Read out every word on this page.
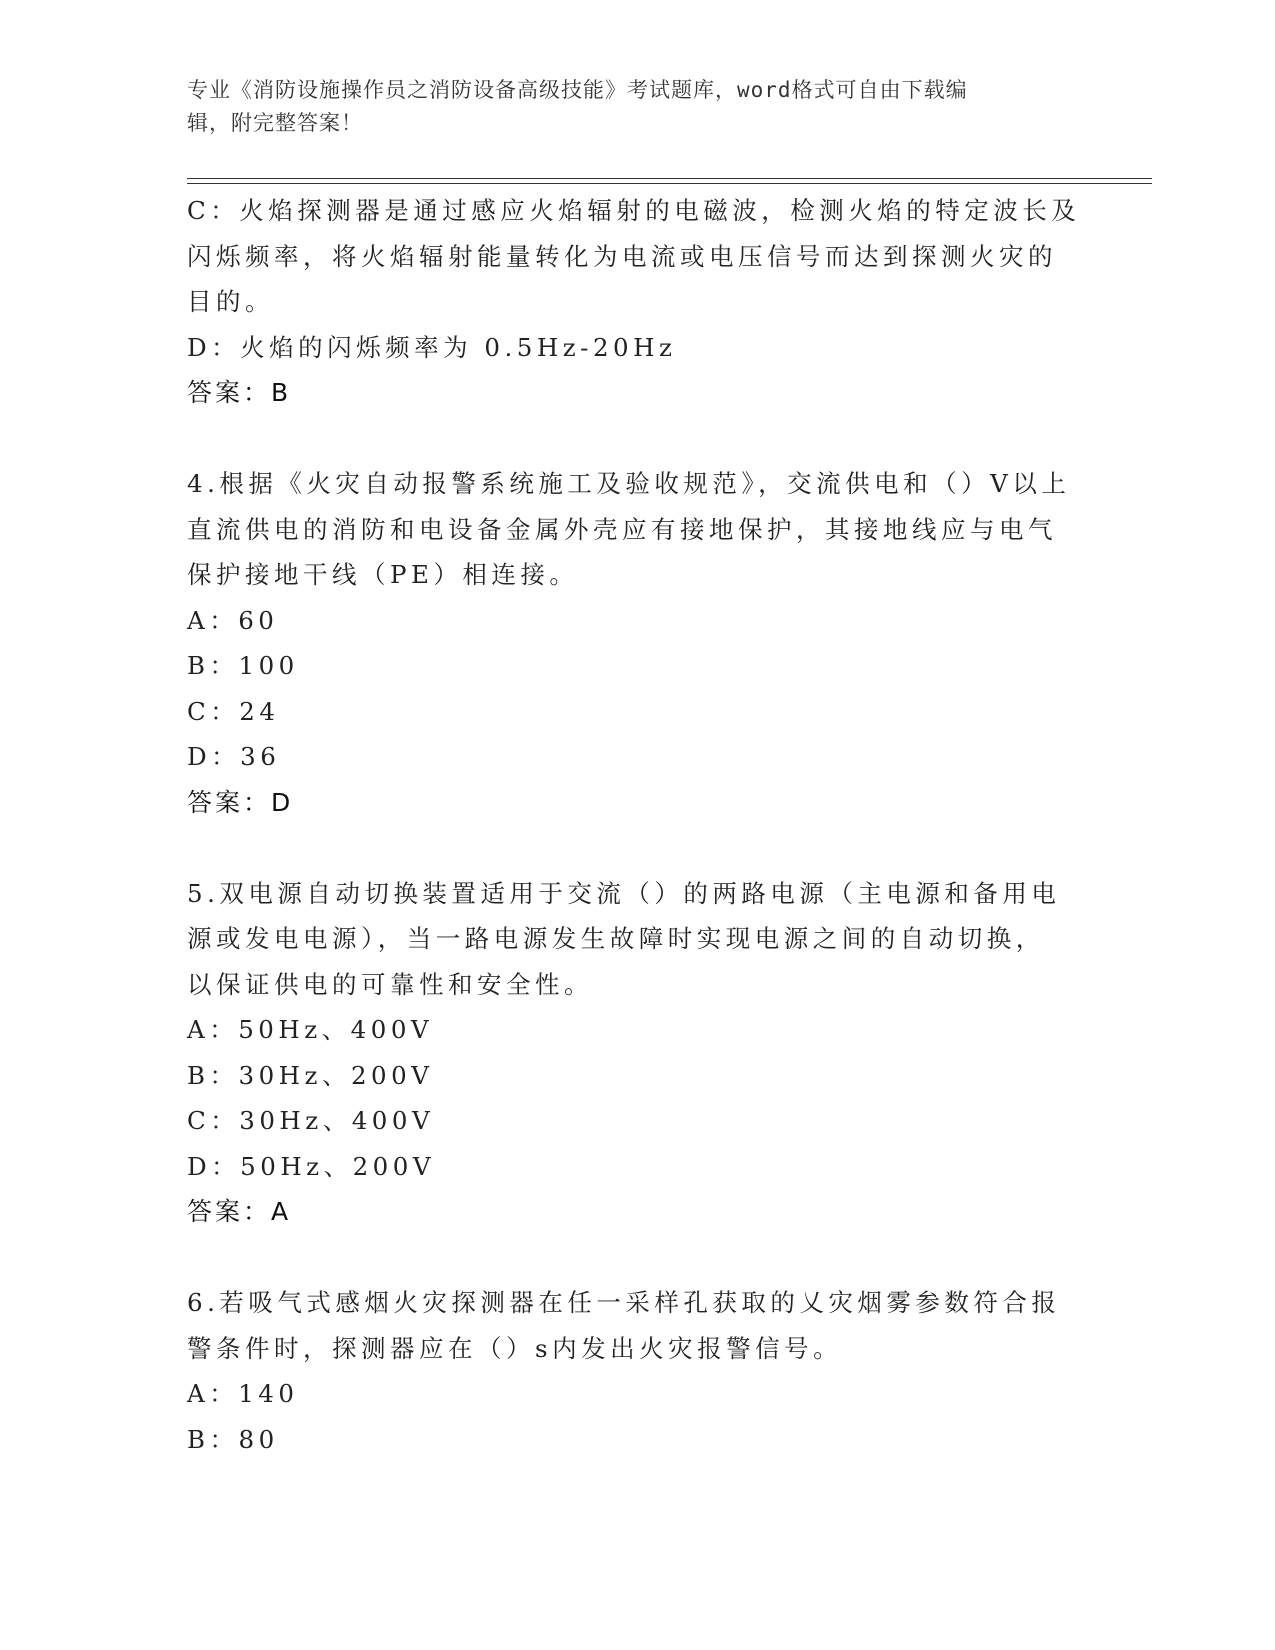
专业《消防设施操作员之消防设备高级技能》考试题库，word格式可自由下载编
辑，附完整答案！
C：火焰探测器是通过感应火焰辐射的电磁波，检测火焰的特定波长及
闪烁频率，将火焰辐射能量转化为电流或电压信号而达到探测火灾的
目的。
D：火焰的闪烁频率为 0.5Hz-20Hz
答案：B
4.根据《火灾自动报警系统施工及验收规范》，交流供电和（）V以上
直流供电的消防和电设备金属外壳应有接地保护，其接地线应与电气
保护接地干线（PE）相连接。
A：60
B：100
C：24
D：36
答案：D
5.双电源自动切换装置适用于交流（）的两路电源（主电源和备用电
源或发电电源），当一路电源发生故障时实现电源之间的自动切换，
以保证供电的可靠性和安全性。
A：50Hz、400V
B：30Hz、200V
C：30Hz、400V
D：50Hz、200V
答案：A
6.若吸气式感烟火灾探测器在任一采样孔获取的乂灾烟雾参数符合报
警条件时，探测器应在（）s内发出火灾报警信号。
A：140
B：80
